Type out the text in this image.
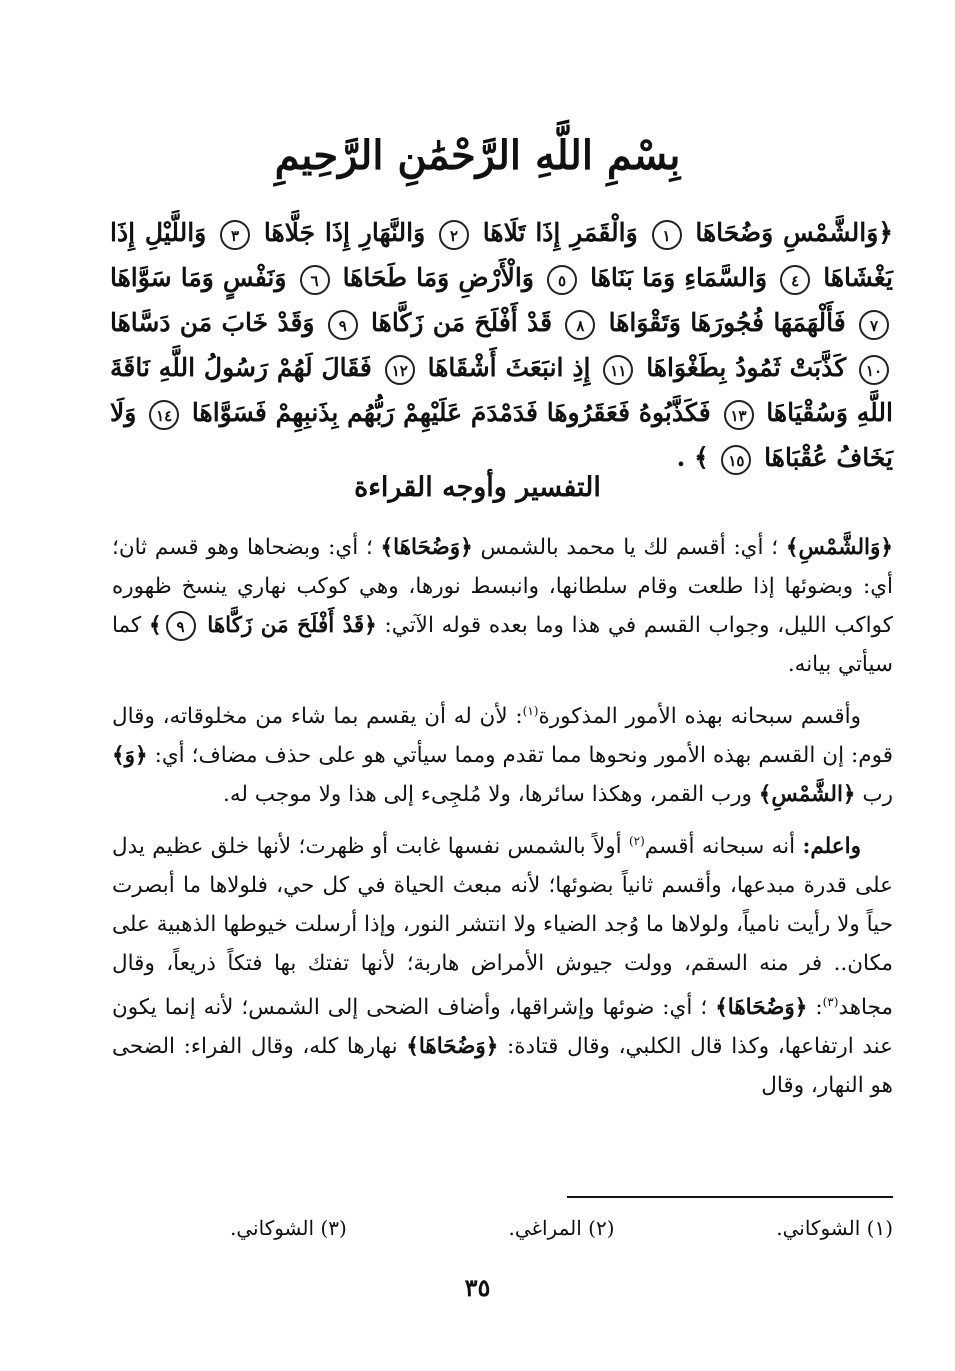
بِسْمِ اللَّهِ الرَّحْمَٰنِ الرَّحِيمِ
﴿وَالشَّمْسِ وَضُحَاهَا ١ وَالْقَمَرِ إِذَا تَلَاهَا ٢ وَالنَّهَارِ إِذَا جَلَّاهَا ٣ وَاللَّيْلِ إِذَا يَغْشَاهَا ٤ وَالسَّمَاءِ وَمَا بَنَاهَا ٥ وَالْأَرْضِ وَمَا طَحَاهَا ٦ وَنَفْسٍ وَمَا سَوَّاهَا ٧ فَأَلْهَمَهَا فُجُورَهَا وَتَقْوَاهَا ٨ قَدْ أَفْلَحَ مَن زَكَّاهَا ٩ وَقَدْ خَابَ مَن دَسَّاهَا ١٠ كَذَّبَتْ ثَمُودُ بِطَغْوَاهَا ١١ إِذِ انبَعَثَ أَشْقَاهَا ١٢ فَقَالَ لَهُمْ رَسُولُ اللَّهِ نَاقَةَ اللَّهِ وَسُقْيَاهَا ١٣ فَكَذَّبُوهُ فَعَقَرُوهَا فَدَمْدَمَ عَلَيْهِمْ رَبُّهُم بِذَنبِهِمْ فَسَوَّاهَا ١٤ وَلَا يَخَافُ عُقْبَاهَا ١٥ ﴾ .
التفسير وأوجه القراءة

﴿وَالشَّمْسِ﴾ ؛ أي: أقسم لك يا محمد بالشمس ﴿وَضُحَاهَا﴾ ؛ أي: وبضحاها وهو قسم ثان؛ أي: وبضوئها إذا طلعت وقام سلطانها، وانبسط نورها، وهي كوكب نهاري ينسخ ظهوره كواكب الليل، وجواب القسم في هذا وما بعده قوله الآتي: ﴿قَدْ أَفْلَحَ مَن زَكَّاهَا ٩﴾ كما سيأتي بيانه.

وأقسم سبحانه بهذه الأمور المذكورة$^{(١)}$: لأن له أن يقسم بما شاء من مخلوقاته، وقال قوم: إن القسم بهذه الأمور ونحوها مما تقدم ومما سيأتي هو على حذف مضاف؛ أي: ﴿وَ﴾ رب ﴿الشَّمْسِ﴾ ورب القمر، وهكذا سائرها، ولا مُلجِىء إلى هذا ولا موجب له.

واعلم: أنه سبحانه أقسم$^{(٢)}$ أولاً بالشمس نفسها غابت أو ظهرت؛ لأنها خلق عظيم يدل على قدرة مبدعها، وأقسم ثانياً بضوئها؛ لأنه مبعث الحياة في كل حي، فلولاها ما أبصرت حياً ولا رأيت نامياً، ولولاها ما وُجد الضياء ولا انتشر النور، وإذا أرسلت خيوطها الذهبية على مكان.. فر منه السقم، وولت جيوش الأمراض هاربة؛ لأنها تفتك بها فتكاً ذريعاً، وقال مجاهد$^{(٣)}$: ﴿وَضُحَاهَا﴾ ؛ أي: ضوئها وإشراقها، وأضاف الضحى إلى الشمس؛ لأنه إنما يكون عند ارتفاعها، وكذا قال الكلبي، وقال قتادة: ﴿وَضُحَاهَا﴾ نهارها كله، وقال الفراء: الضحى هو النهار، وقال

(١) الشوكاني.
(٢) المراغي.
(٣) الشوكاني.
٣٥
